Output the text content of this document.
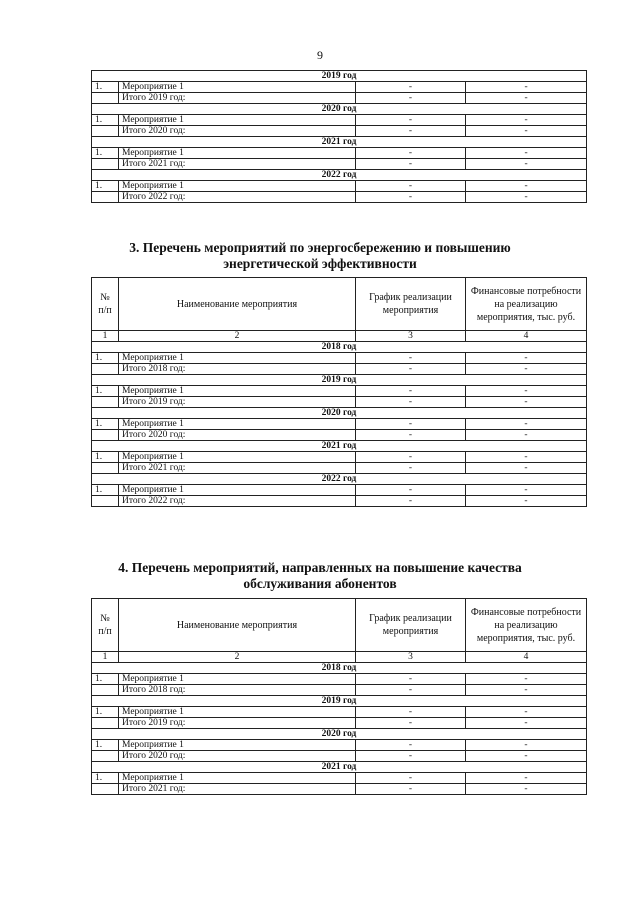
9
2019 год			
1.	Мероприятие 1	-	-
	Итого 2019 год:	-	-
2020 год			
1.	Мероприятие 1	-	-
	Итого 2020 год:	-	-
2021 год			
1.	Мероприятие 1	-	-
	Итого 2021 год:	-	-
2022 год			
1.	Мероприятие 1	-	-
	Итого 2022 год:	-	-
3. Перечень мероприятий по энергосбережению и повышению
энергетической эффективности
№ п/п	Наименование мероприятия	График реализации мероприятия	Финансовые потребности на реализацию мероприятия, тыс. руб.
1	2	3	4
2018 год			
1.	Мероприятие 1	-	-
	Итого 2018 год:	-	-
2019 год			
1.	Мероприятие 1	-	-
	Итого 2019 год:	-	-
2020 год			
1.	Мероприятие 1	-	-
	Итого 2020 год:	-	-
2021 год			
1.	Мероприятие 1	-	-
	Итого 2021 год:	-	-
2022 год			
1.	Мероприятие 1	-	-
	Итого 2022 год:	-	-
4. Перечень мероприятий, направленных на повышение качества
обслуживания абонентов
№ п/п	Наименование мероприятия	График реализации мероприятия	Финансовые потребности на реализацию мероприятия, тыс. руб.
1	2	3	4
2018 год			
1.	Мероприятие 1	-	-
	Итого 2018 год:	-	-
2019 год			
1.	Мероприятие 1	-	-
	Итого 2019 год:	-	-
2020 год			
1.	Мероприятие 1	-	-
	Итого 2020 год:	-	-
2021 год			
1.	Мероприятие 1	-	-
	Итого 2021 год:	-	-
